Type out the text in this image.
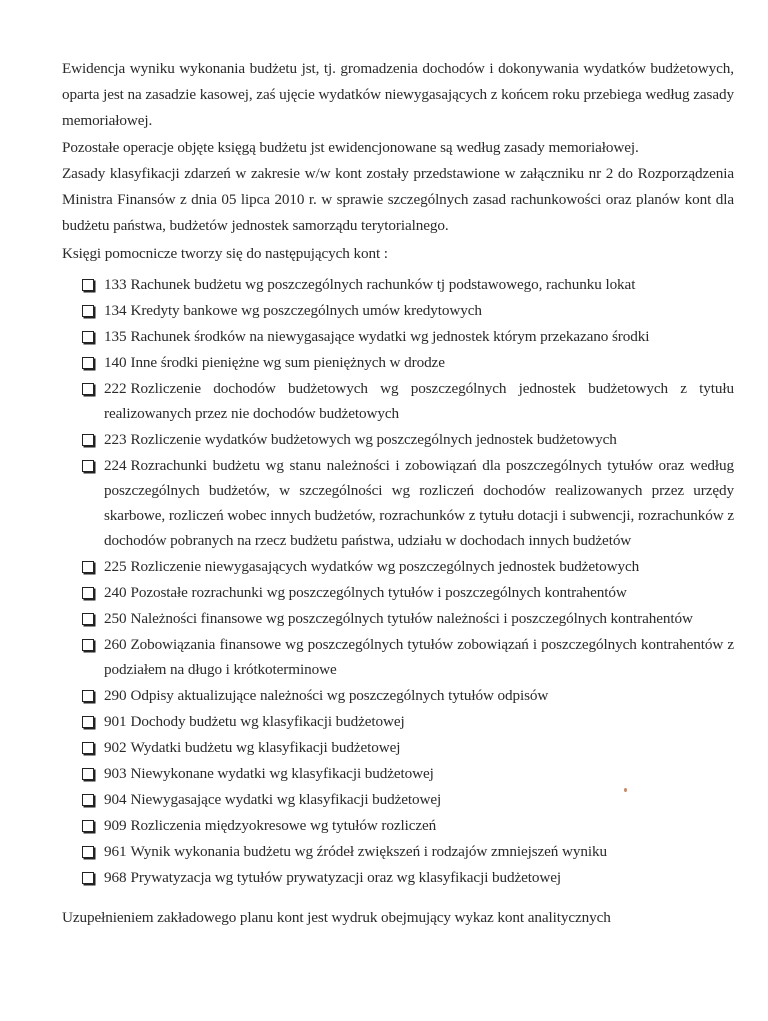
Ewidencja wyniku wykonania budżetu jst, tj. gromadzenia dochodów i dokonywania wydatków budżetowych, oparta jest na zasadzie kasowej, zaś ujęcie wydatków niewygasających z końcem roku przebiega według zasady memoriałowej.

Pozostałe operacje objęte księgą budżetu jst ewidencjonowane są według zasady memoriałowej.

Zasady klasyfikacji zdarzeń w zakresie w/w kont zostały przedstawione w załączniku nr 2 do Rozporządzenia Ministra Finansów z dnia 05 lipca 2010 r. w sprawie szczególnych zasad rachunkowości oraz planów kont dla budżetu państwa, budżetów jednostek samorządu terytorialnego.

Księgi pomocnicze tworzy się do następujących kont :

133 Rachunek budżetu wg poszczególnych rachunków tj podstawowego, rachunku lokat
134 Kredyty bankowe wg poszczególnych umów kredytowych
135 Rachunek środków na niewygasające wydatki wg jednostek którym przekazano środki
140 Inne środki pieniężne wg sum pieniężnych w drodze
222 Rozliczenie dochodów budżetowych wg poszczególnych jednostek budżetowych z tytułu realizowanych przez nie dochodów budżetowych
223 Rozliczenie wydatków budżetowych wg poszczególnych jednostek budżetowych
224 Rozrachunki budżetu wg stanu należności i zobowiązań dla poszczególnych tytułów oraz według poszczególnych budżetów, w szczególności wg rozliczeń dochodów realizowanych przez urzędy skarbowe, rozliczeń wobec innych budżetów, rozrachunków z tytułu dotacji i subwencji, rozrachunków z dochodów pobranych na rzecz budżetu państwa, udziału w dochodach innych budżetów
225 Rozliczenie niewygasających wydatków wg poszczególnych jednostek budżetowych
240 Pozostałe rozrachunki wg poszczególnych tytułów i poszczególnych kontrahentów
250 Należności finansowe wg poszczególnych tytułów należności i poszczególnych kontrahentów
260 Zobowiązania finansowe wg poszczególnych tytułów zobowiązań i poszczególnych kontrahentów z podziałem na długo i krótkoterminowe
290 Odpisy aktualizujące należności wg poszczególnych tytułów odpisów
901 Dochody budżetu wg klasyfikacji budżetowej
902 Wydatki budżetu wg klasyfikacji budżetowej
903 Niewykonane wydatki wg klasyfikacji budżetowej
904 Niewygasające wydatki wg klasyfikacji budżetowej
909 Rozliczenia międzyokresowe wg tytułów rozliczeń
961 Wynik wykonania budżetu wg źródeł zwiększeń i rodzajów zmniejszeń wyniku
968 Prywatyzacja wg tytułów prywatyzacji oraz wg klasyfikacji budżetowej

Uzupełnieniem zakładowego planu kont jest wydruk obejmujący wykaz kont analitycznych
